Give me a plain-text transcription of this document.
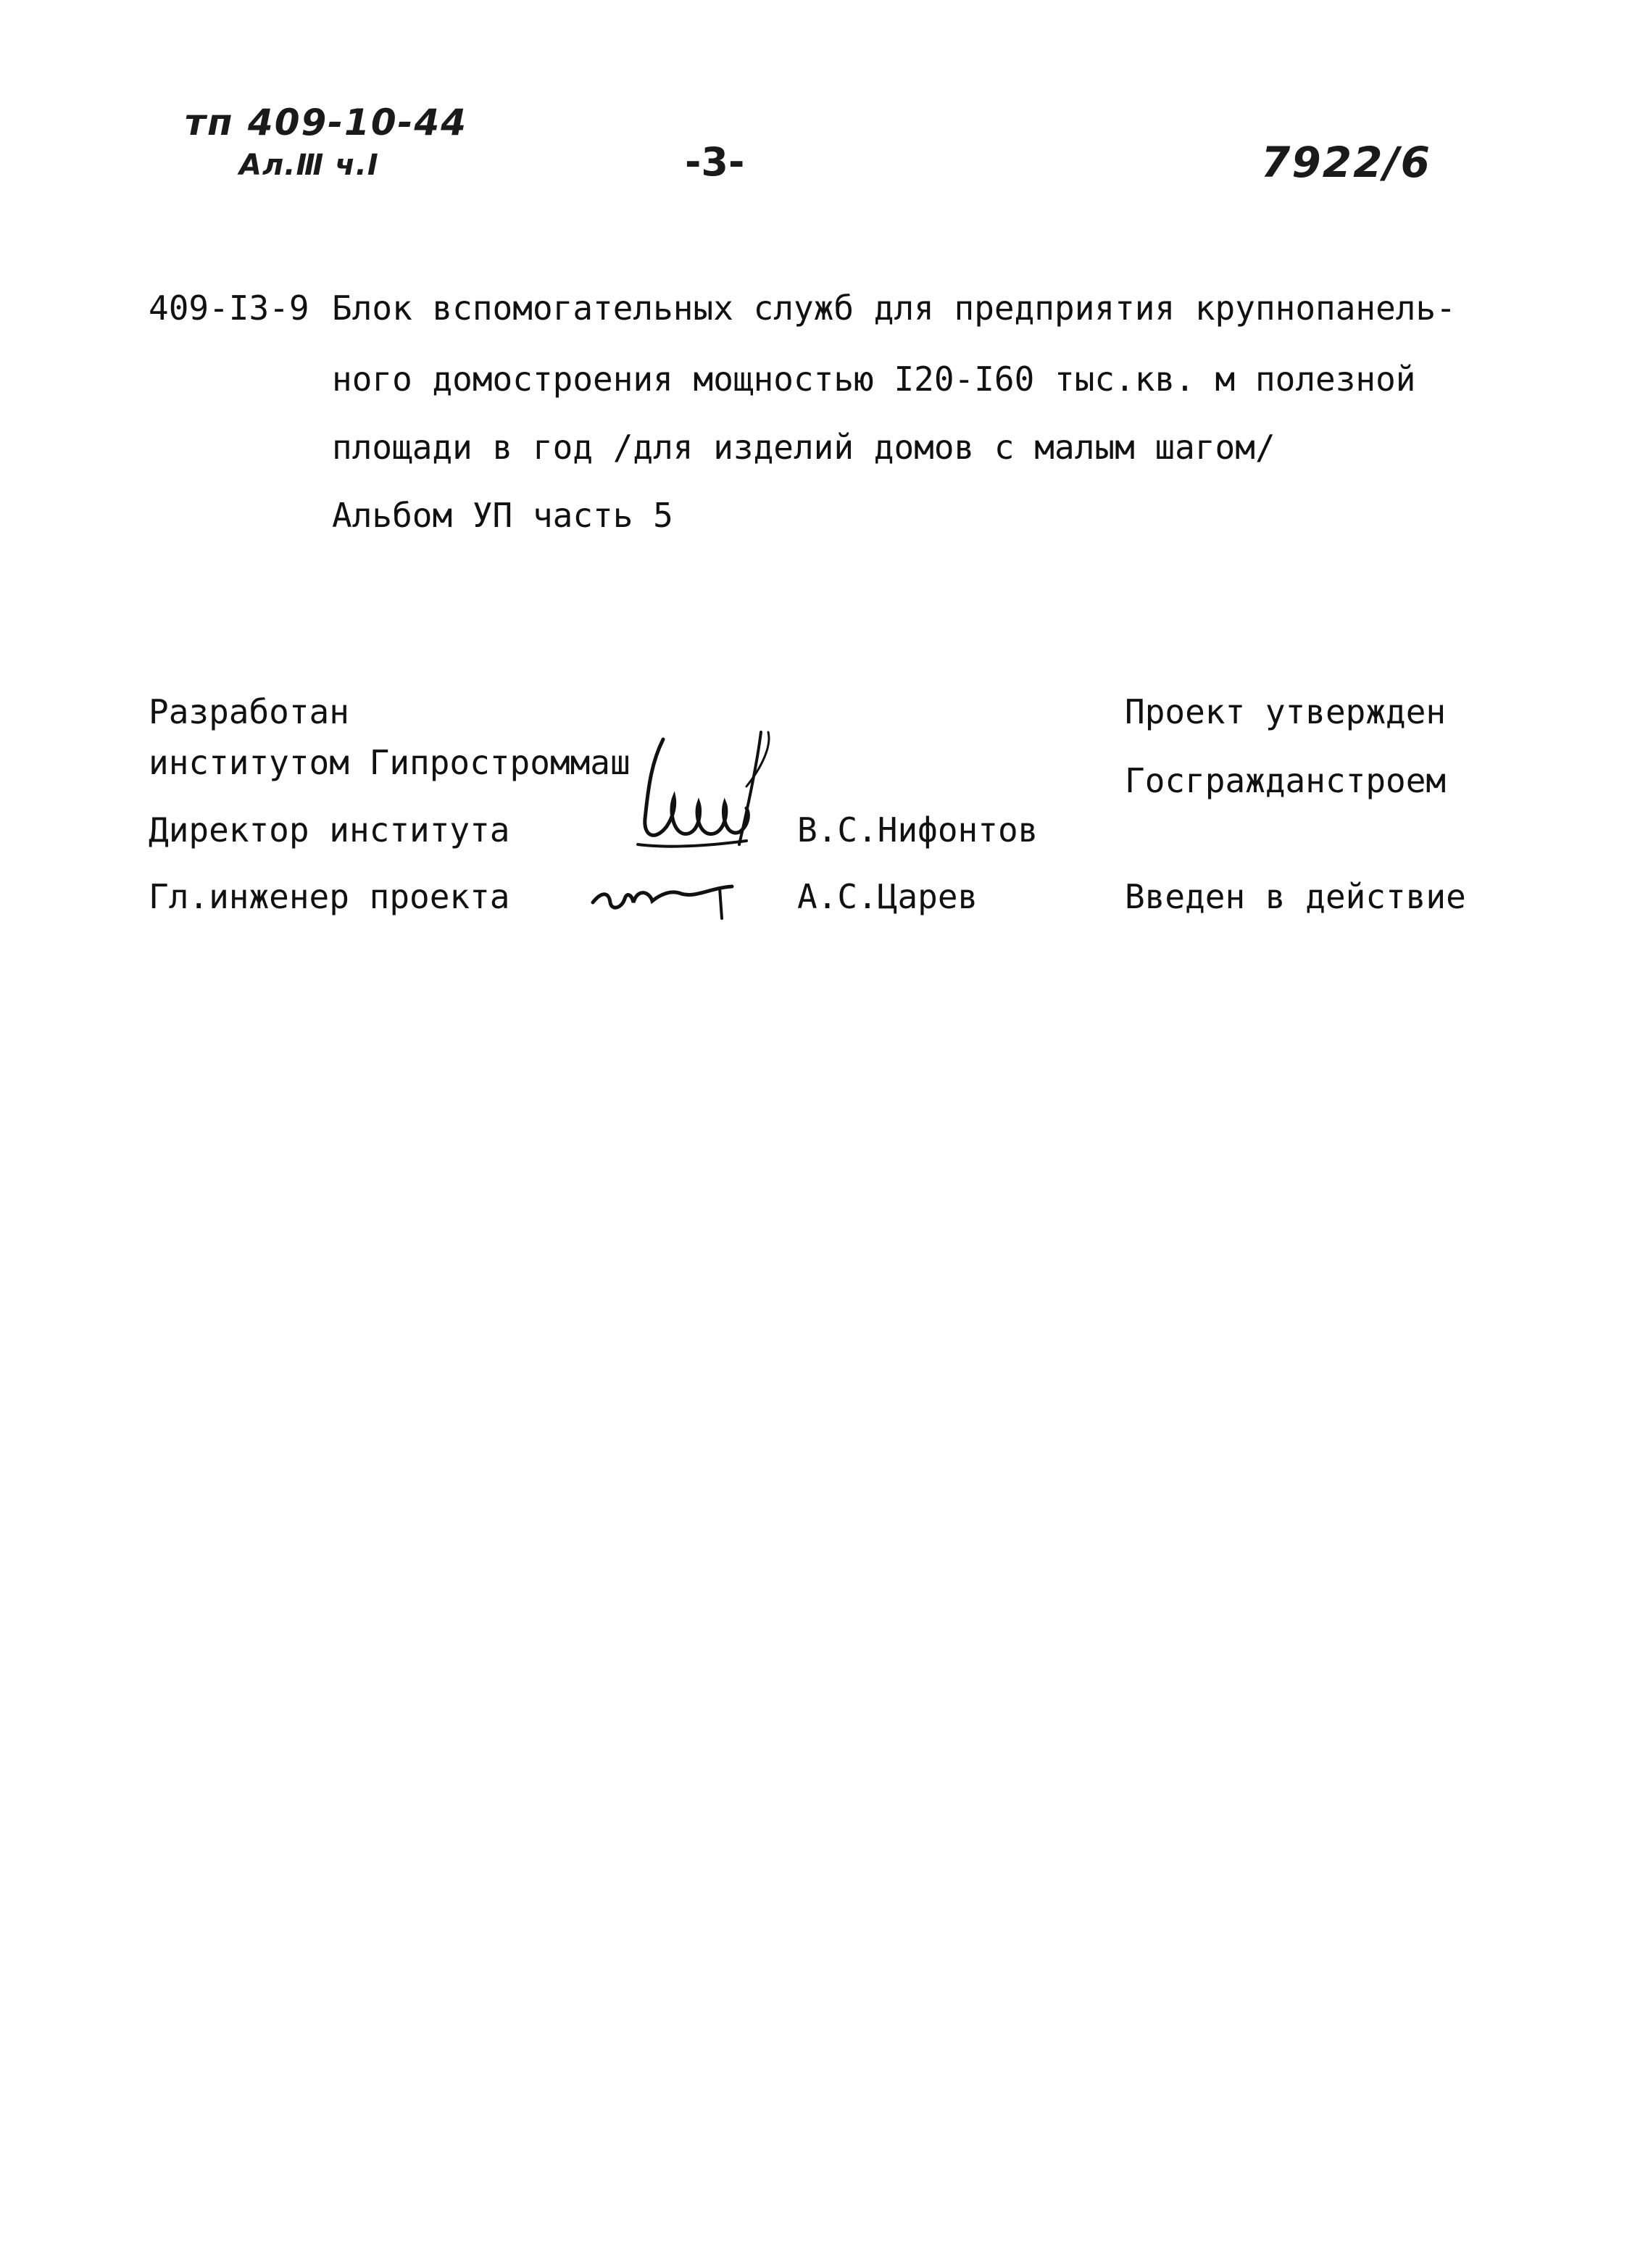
тп 409-10-44
Ал.Ⅲ ч.I	-3-	7922/6
409-I3-9 Блок вспомогательных служб для предприятия крупнопанель-
ного домостроения мощностью I20-I60 тыс.кв. м полезной
площади в год /для изделий домов с малым шагом/
Альбом УП часть 5
Разработан
институтом Гипростроммаш
Директор института	В.С.Нифонтов
Гл.инженер проекта	А.С.Царев
Проект утвержден
Госгражданстроем
Введен в действие
